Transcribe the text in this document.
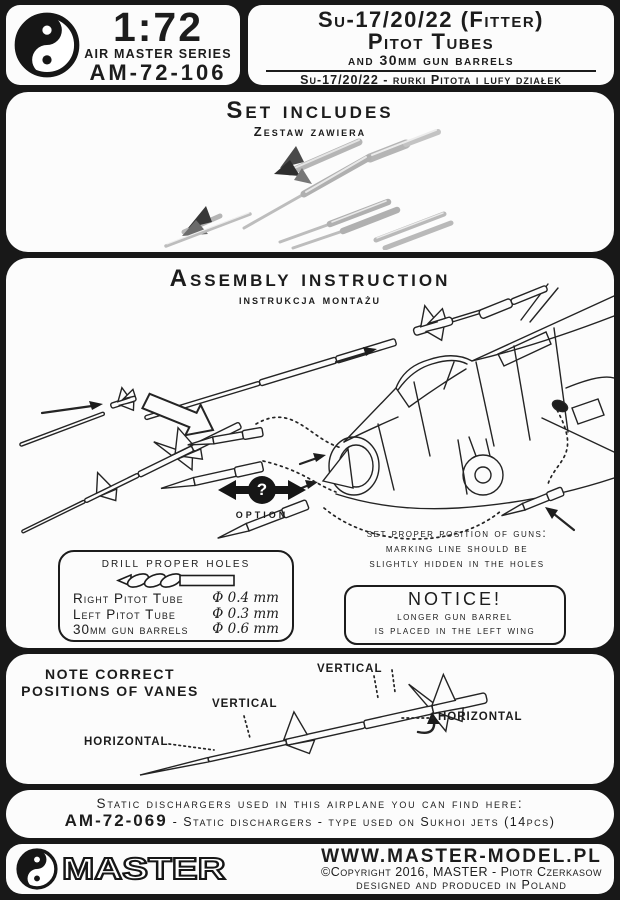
1:72
AIR MASTER SERIES
AM-72-106
Su-17/20/22 (Fitter)
Pitot Tubes
and 30mm gun barrels
Su-17/20/22 - rurki Pitota i lufy działek
Set includes
Zestaw zawiera
Assembly instruction
instrukcja montażu
?
option
set proper position of guns:
marking line should be
slightly hidden in the holes
drill proper holes
Right Pitot Tube Φ 0.4 mm
Left Pitot Tube	Φ 0.3 mm
30mm gun barrels Φ 0.6 mm
NOTICE!
longer gun barrel
is placed in the left wing
NOTE CORRECT
POSITIONS OF VANES
VERTICAL
VERTICAL
HORIZONTAL
HORIZONTAL
Static dischargers used in this airplane you can find here:
AM-72-069 - Static dischargers - type used on Sukhoi jets (14pcs)
MASTER	WWW.MASTER-MODEL.PL
©Copyright 2016, MASTER - Piotr Czerkasow
designed and produced in Poland
